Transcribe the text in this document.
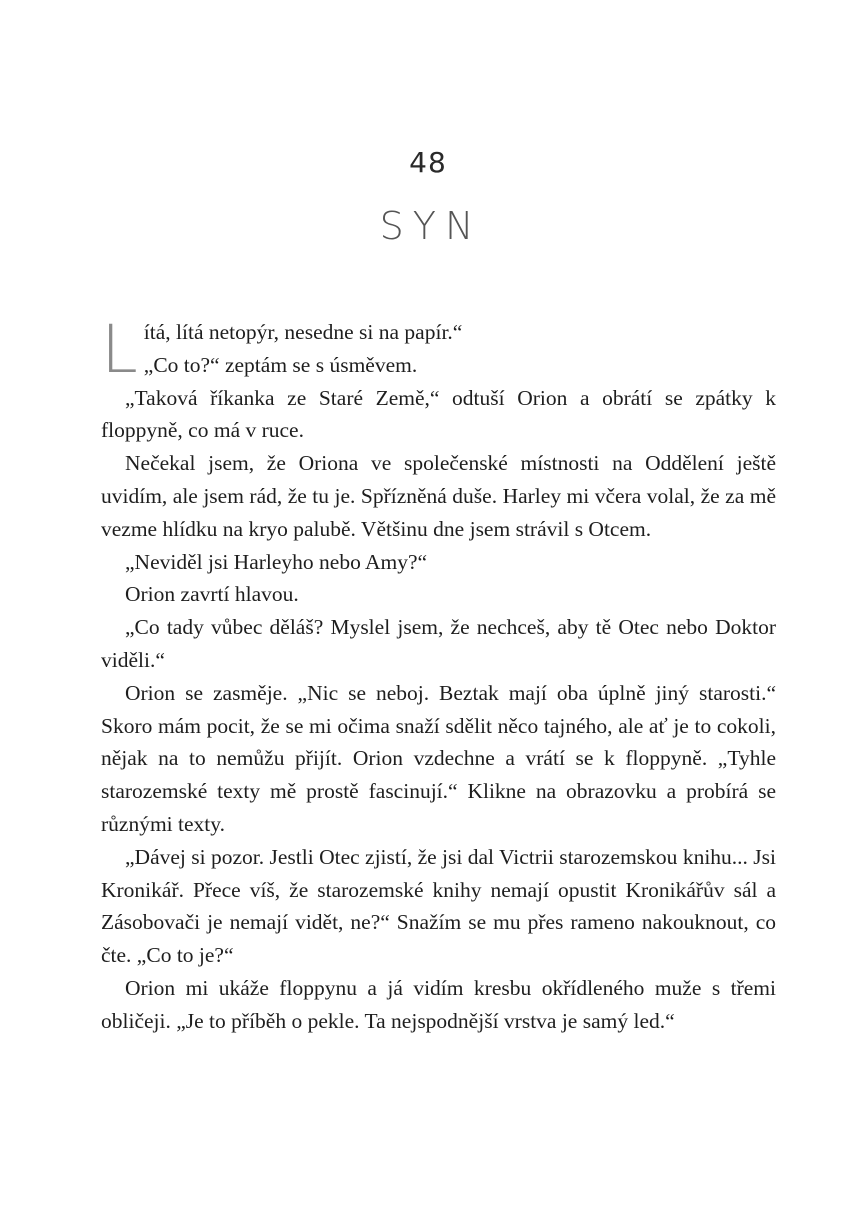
48
SYN

L ítá, lítá netopýr, nesedne si na papír.“
„Co to?“ zeptám se s úsměvem.

„Taková říkanka ze Staré Země,“ odtuší Orion a obrátí se zpátky k floppyně, co má v ruce.

Nečekal jsem, že Oriona ve společenské místnosti na Oddělení ještě uvidím, ale jsem rád, že tu je. Spřízněná duše. Harley mi včera volal, že za mě vezme hlídku na kryo palubě. Většinu dne jsem strávil s Otcem.

„Neviděl jsi Harleyho nebo Amy?“

Orion zavrtí hlavou.

„Co tady vůbec děláš? Myslel jsem, že nechceš, aby tě Otec nebo Doktor viděli.“

Orion se zasměje. „Nic se neboj. Beztak mají oba úplně jiný starosti.“ Skoro mám pocit, že se mi očima snaží sdělit něco tajného, ale ať je to cokoli, nějak na to nemůžu přijít. Orion vzdechne a vrátí se k floppyně. „Tyhle starozemské texty mě prostě fascinují.“ Klikne na obrazovku a probírá se různými texty.

„Dávej si pozor. Jestli Otec zjistí, že jsi dal Victrii starozemskou knihu... Jsi Kronikář. Přece víš, že starozemské knihy nemají opustit Kronikářův sál a Zásobovači je nemají vidět, ne?“ Snažím se mu přes rameno nakouknout, co čte. „Co to je?“

Orion mi ukáže floppynu a já vidím kresbu okřídleného muže s třemi obličeji. „Je to příběh o pekle. Ta nejspodnější vrstva je samý led.“
